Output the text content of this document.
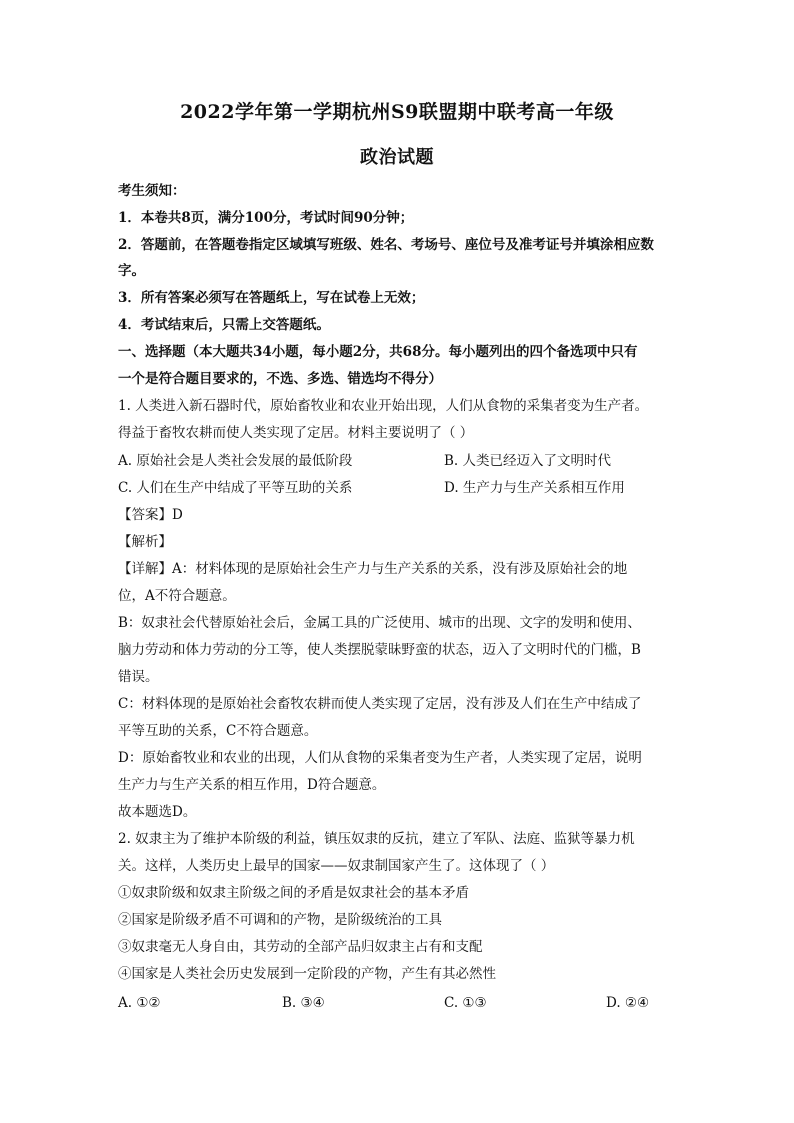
2022学年第一学期杭州S9联盟期中联考高一年级
政治试题
考生须知：
1．本卷共8页，满分100分，考试时间90分钟；
2．答题前，在答题卷指定区域填写班级、姓名、考场号、座位号及准考证号并填涂相应数
字。
3．所有答案必须写在答题纸上，写在试卷上无效；
4．考试结束后，只需上交答题纸。
一、选择题（本大题共34小题，每小题2分，共68分。每小题列出的四个备选项中只有
一个是符合题目要求的，不选、多选、错选均不得分）
1. 人类进入新石器时代，原始畜牧业和农业开始出现，人们从食物的采集者变为生产者。
得益于畜牧农耕而使人类实现了定居。材料主要说明了（ ）
A. 原始社会是人类社会发展的最低阶段	B. 人类已经迈入了文明时代
C. 人们在生产中结成了平等互助的关系	D. 生产力与生产关系相互作用
【答案】D
【解析】
【详解】A：材料体现的是原始社会生产力与生产关系的关系，没有涉及原始社会的地
位，A不符合题意。
B：奴隶社会代替原始社会后，金属工具的广泛使用、城市的出现、文字的发明和使用、
脑力劳动和体力劳动的分工等，使人类摆脱蒙昧野蛮的状态，迈入了文明时代的门槛，B
错误。
C：材料体现的是原始社会畜牧农耕而使人类实现了定居，没有涉及人们在生产中结成了
平等互助的关系，C不符合题意。
D：原始畜牧业和农业的出现，人们从食物的采集者变为生产者，人类实现了定居，说明
生产力与生产关系的相互作用，D符合题意。
故本题选D。
2. 奴隶主为了维护本阶级的利益，镇压奴隶的反抗，建立了军队、法庭、监狱等暴力机
关。这样，人类历史上最早的国家——奴隶制国家产生了。这体现了（ ）
①奴隶阶级和奴隶主阶级之间的矛盾是奴隶社会的基本矛盾
②国家是阶级矛盾不可调和的产物，是阶级统治的工具
③奴隶毫无人身自由，其劳动的全部产品归奴隶主占有和支配
④国家是人类社会历史发展到一定阶段的产物，产生有其必然性
A. ①②	B. ③④	C. ①③	D. ②④
